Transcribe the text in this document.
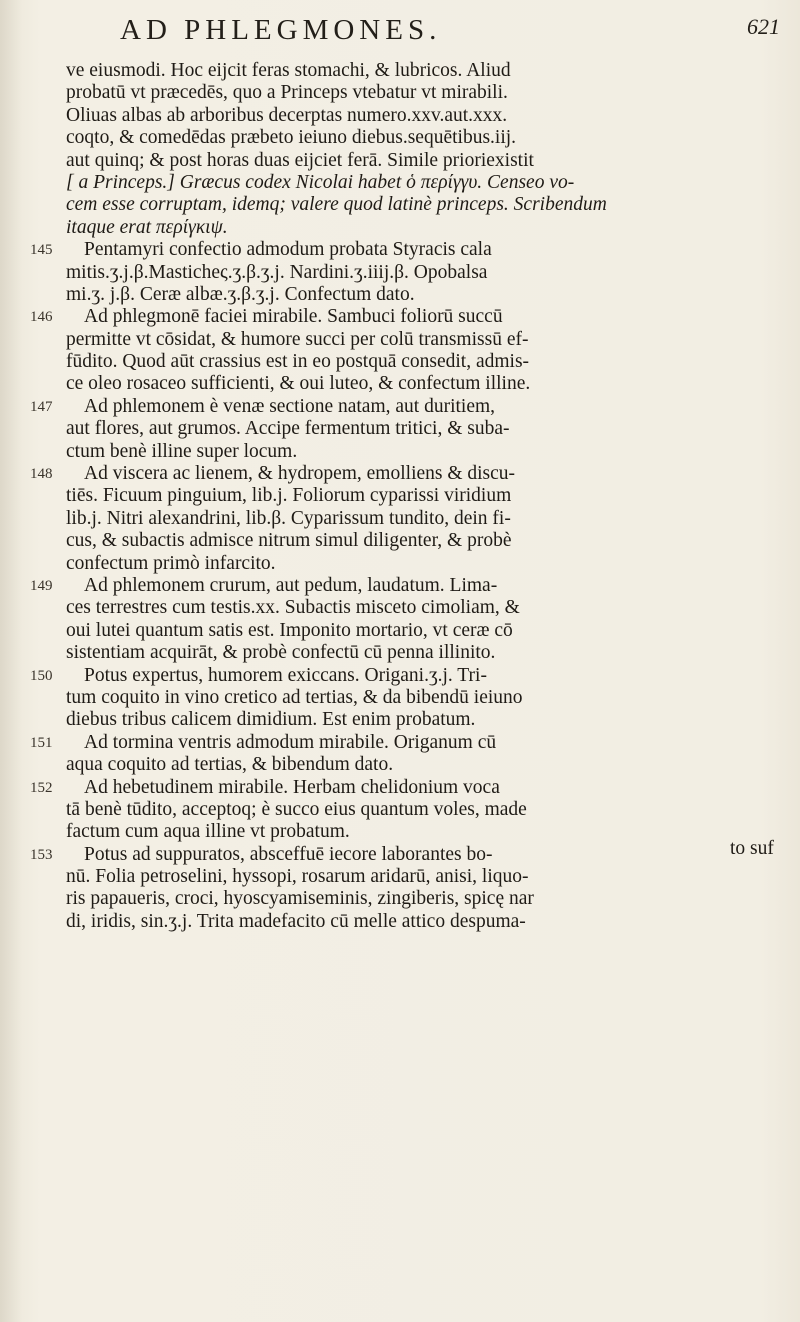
AD PHLEGMONES.	621
ve eiusmodi. Hoc eijcit feras stomachi, & lubricos. Aliud
probatū vt præcedēs, quo a Princeps vtebatur vt mirabili.
Oliuas albas ab arboribus decerptas numero.xxv.aut.xxx.
coqto, & comedēdas præbeto ieiuno diebus.sequētibus.iij.
aut quinq; & post horas duas eijciet ferā. Simile prioriexistit
[ a Princeps.] Græcus codex Nicolai habet ὁ περίγγυ. Censeo vo-
cem esse corruptam, idemq; valere quod latinè princeps. Scribendum
itaque erat περίγκιψ.
145	Pentamyri confectio admodum probata Styracis cala
mitis.ʒ.j.β.Masticheς.ʒ.β.ʒ.j. Nardini.ʒ.iiij.β. Opobalsa
mi.ʒ. j.β. Ceræ albæ.ʒ.β.ʒ.j. Confectum dato.
146	Ad phlegmonē faciei mirabile. Sambuci foliorū succū
permitte vt cōsidat, & humore succi per colū transmissū ef-
fūdito. Quod aūt crassius est in eo postquā consedit, admis-
ce oleo rosaceo sufficienti, & oui luteo, & confectum illine.
147	Ad phlemonem è venæ sectione natam, aut duritiem,
aut flores, aut grumos. Accipe fermentum tritici, & suba-
ctum benè illine super locum.
148	Ad viscera ac lienem, & hydropem, emolliens & discu-
tiēs. Ficuum pinguium, lib.j. Foliorum cyparissi viridium
lib.j. Nitri alexandrini, lib.β. Cyparissum tundito, dein fi-
cus, & subactis admisce nitrum simul diligenter, & probè
confectum primò infarcito.
149	Ad phlemonem crurum, aut pedum, laudatum. Lima-
ces terrestres cum testis.xx. Subactis misceto cimoliam, &
oui lutei quantum satis est. Imponito mortario, vt ceræ cō
sistentiam acquirāt, & probè confectū cū penna illinito.
150	Potus expertus, humorem exiccans. Origani.ʒ.j. Tri-
tum coquito in vino cretico ad tertias, & da bibendū ieiuno
diebus tribus calicem dimidium. Est enim probatum.
151	Ad tormina ventris admodum mirabile. Origanum cū
aqua coquito ad tertias, & bibendum dato.
152	Ad hebetudinem mirabile. Herbam chelidonium voca
tā benè tūdito, acceptoq; è succo eius quantum voles, made
factum cum aqua illine vt probatum.
153	Potus ad suppuratos, absceffuē iecore laborantes bo-
nū. Folia petroselini, hyssopi, rosarum aridarū, anisi, liquo-
ris papaueris, croci, hyoscyamiseminis, zingiberis, spicę nar
di, iridis, sin.ʒ.j. Trita madefacito cū melle attico despuma-
to suf
